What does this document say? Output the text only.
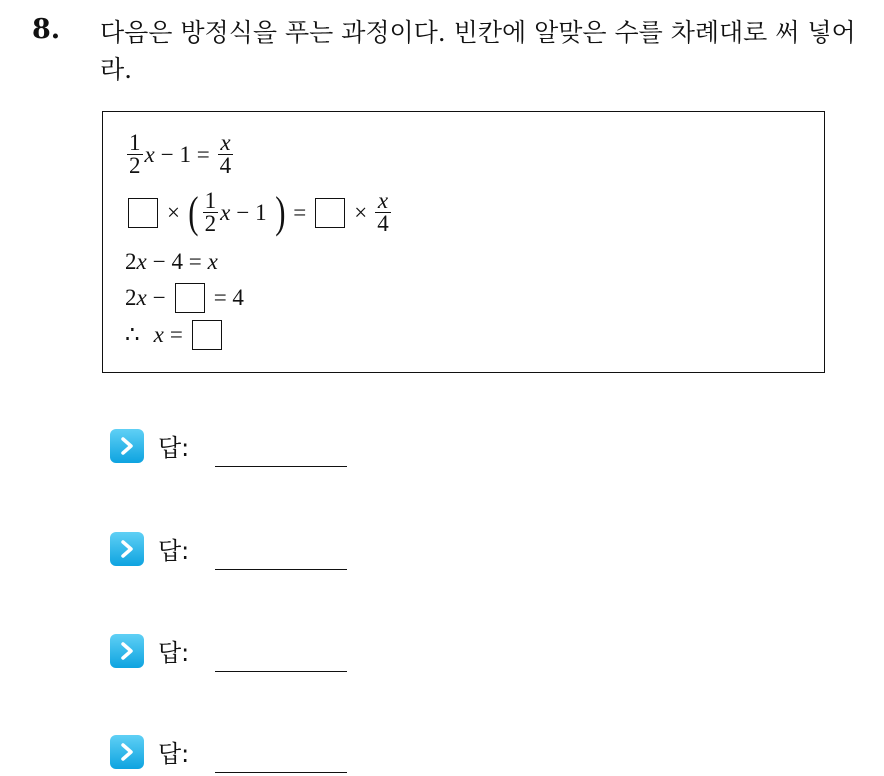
8. 다음은 방정식을 푸는 과정이다. 빈칸에 알맞은 수를 차례대로 써 넣어라.
$\frac{1}{2}$ $x - 1 = \frac{x}{4}$
× ( $\frac{1}{2}$ x − 1 ) = × $\frac{x}{4}$
2 x − 4 = x
2 x − = 4
∴ x =
답:
답:
답:
답:
